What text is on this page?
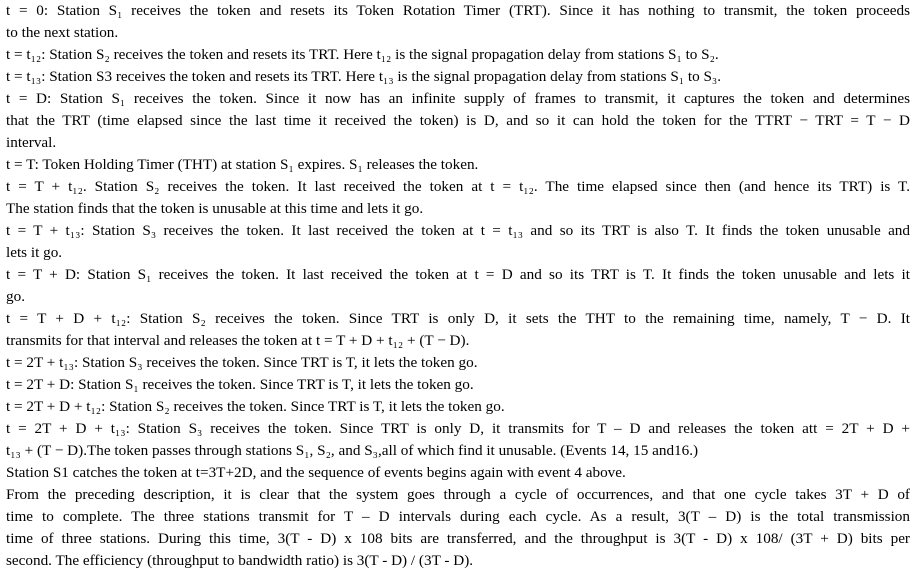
t = 0: Station S₁ receives the token and resets its Token Rotation Timer (TRT). Since it has nothing to transmit, the token proceeds
to the next station.
t = t₁₂: Station S₂ receives the token and resets its TRT. Here t₁₂ is the signal propagation delay from stations S₁ to S₂.
t = t₁₃: Station S3 receives the token and resets its TRT. Here t₁₃ is the signal propagation delay from stations S₁ to S₃.
t = D: Station S₁ receives the token. Since it now has an infinite supply of frames to transmit, it captures the token and determines
that the TRT (time elapsed since the last time it received the token) is D, and so it can hold the token for the TTRT − TRT = T − D
interval.
t = T: Token Holding Timer (THT) at station S₁ expires. S₁ releases the token.
t = T + t₁₂. Station S₂ receives the token. It last received the token at t = t₁₂. The time elapsed since then (and hence its TRT) is T.
The station finds that the token is unusable at this time and lets it go.
t = T + t₁₃: Station S₃ receives the token. It last received the token at t = t₁₃ and so its TRT is also T. It finds the token unusable and
lets it go.
t = T + D: Station S₁ receives the token. It last received the token at t = D and so its TRT is T. It finds the token unusable and lets it
go.
t = T + D + t₁₂: Station S₂ receives the token. Since TRT is only D, it sets the THT to the remaining time, namely, T − D. It
transmits for that interval and releases the token at t = T + D + t₁₂ + (T − D).
t = 2T + t₁₃: Station S₃ receives the token. Since TRT is T, it lets the token go.
t = 2T + D: Station S₁ receives the token. Since TRT is T, it lets the token go.
t = 2T + D + t₁₂: Station S₂ receives the token. Since TRT is T, it lets the token go.
t = 2T + D + t₁₃: Station S₃ receives the token. Since TRT is only D, it transmits for T – D and releases the token att = 2T + D +
t₁₃ + (T − D).The token passes through stations S₁, S₂, and S₃,all of which find it unusable. (Events 14, 15 and16.)
Station S1 catches the token at t=3T+2D, and the sequence of events begins again with event 4 above.
From the preceding description, it is clear that the system goes through a cycle of occurrences, and that one cycle takes 3T + D of
time to complete. The three stations transmit for T – D intervals during each cycle. As a result, 3(T – D) is the total transmission
time of three stations. During this time, 3(T - D) x 108 bits are transferred, and the throughput is 3(T - D) x 108/ (3T + D) bits per
second. The efficiency (throughput to bandwidth ratio) is 3(T - D) / (3T - D).
